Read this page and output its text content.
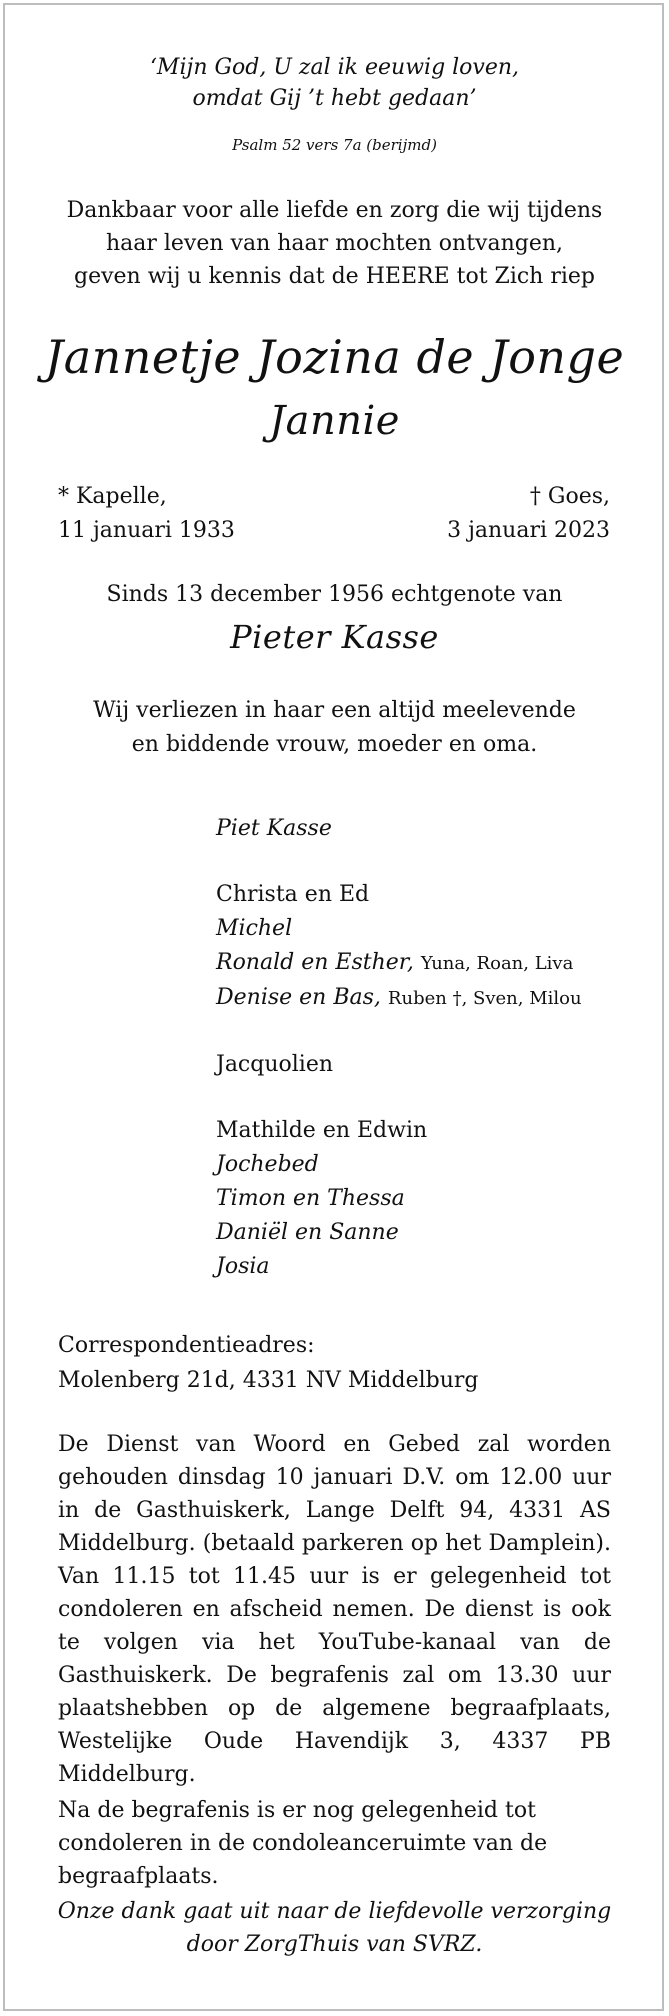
‘Mijn God, U zal ik eeuwig loven,
omdat Gij ’t hebt gedaan’
Psalm 52 vers 7a (berijmd)
Dankbaar voor alle liefde en zorg die wij tijdens
haar leven van haar mochten ontvangen,
geven wij u kennis dat de HEERE tot Zich riep
Jannetje Jozina de Jonge
Jannie
* Kapelle,
11 januari 1933
† Goes,
3 januari 2023
Sinds 13 december 1956 echtgenote van
Pieter Kasse
Wij verliezen in haar een altijd meelevende
en biddende vrouw, moeder en oma.
Piet Kasse
Christa en Ed
Michel
Ronald en Esther, Yuna, Roan, Liva
Denise en Bas, Ruben †, Sven, Milou
Jacquolien
Mathilde en Edwin
Jochebed
Timon en Thessa
Daniël en Sanne
Josia
Correspondentieadres:
Molenberg 21d, 4331 NV Middelburg
De Dienst van Woord en Gebed zal worden gehouden dinsdag 10 januari D.V. om 12.00 uur in de Gasthuiskerk, Lange Delft 94, 4331 AS Middelburg. (betaald parkeren op het Damplein). Van 11.15 tot 11.45 uur is er gelegenheid tot condoleren en afscheid nemen. De dienst is ook te volgen via het YouTube-kanaal van de Gasthuiskerk. De begrafenis zal om 13.30 uur plaatshebben op de algemene begraafplaats, Westelijke Oude Havendijk 3, 4337 PB Middelburg.
Na de begrafenis is er nog gelegenheid tot condoleren in de condoleanceruimte van de begraafplaats.
Onze dank gaat uit naar de liefdevolle verzorging
door ZorgThuis van SVRZ.
